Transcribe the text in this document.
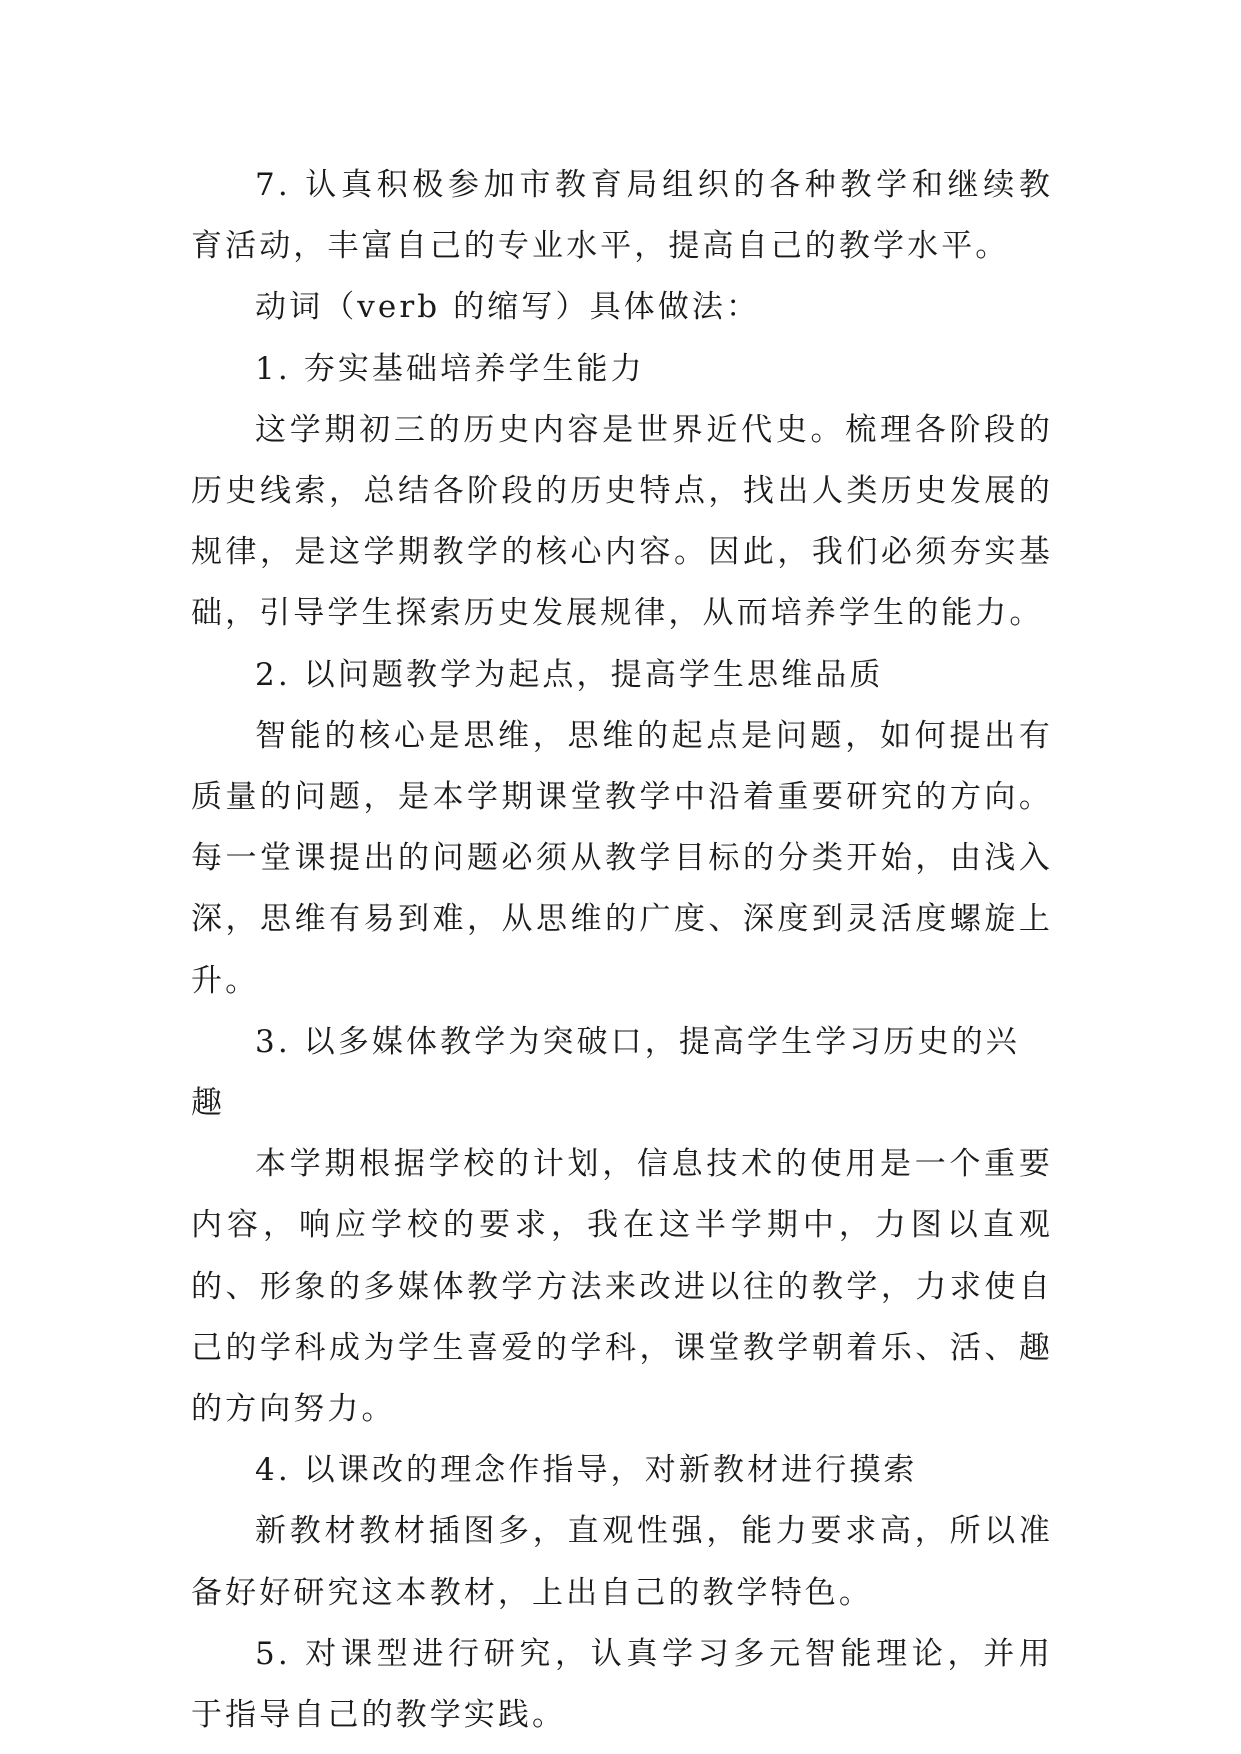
7. 认真积极参加市教育局组织的各种教学和继续教育活动，丰富自己的专业水平，提高自己的教学水平。

动词（verb 的缩写）具体做法：

1. 夯实基础培养学生能力

这学期初三的历史内容是世界近代史。梳理各阶段的历史线索，总结各阶段的历史特点，找出人类历史发展的规律，是这学期教学的核心内容。因此，我们必须夯实基础，引导学生探索历史发展规律，从而培养学生的能力。

2. 以问题教学为起点，提高学生思维品质

智能的核心是思维，思维的起点是问题，如何提出有质量的问题，是本学期课堂教学中沿着重要研究的方向。每一堂课提出的问题必须从教学目标的分类开始，由浅入深，思维有易到难，从思维的广度、深度到灵活度螺旋上升。

3. 以多媒体教学为突破口，提高学生学习历史的兴趣

本学期根据学校的计划，信息技术的使用是一个重要内容，响应学校的要求，我在这半学期中，力图以直观的、形象的多媒体教学方法来改进以往的教学，力求使自己的学科成为学生喜爱的学科，课堂教学朝着乐、活、趣的方向努力。

4. 以课改的理念作指导，对新教材进行摸索

新教材教材插图多，直观性强，能力要求高，所以准备好好研究这本教材，上出自己的教学特色。

5. 对课型进行研究，认真学习多元智能理论，并用于指导自己的教学实践。
